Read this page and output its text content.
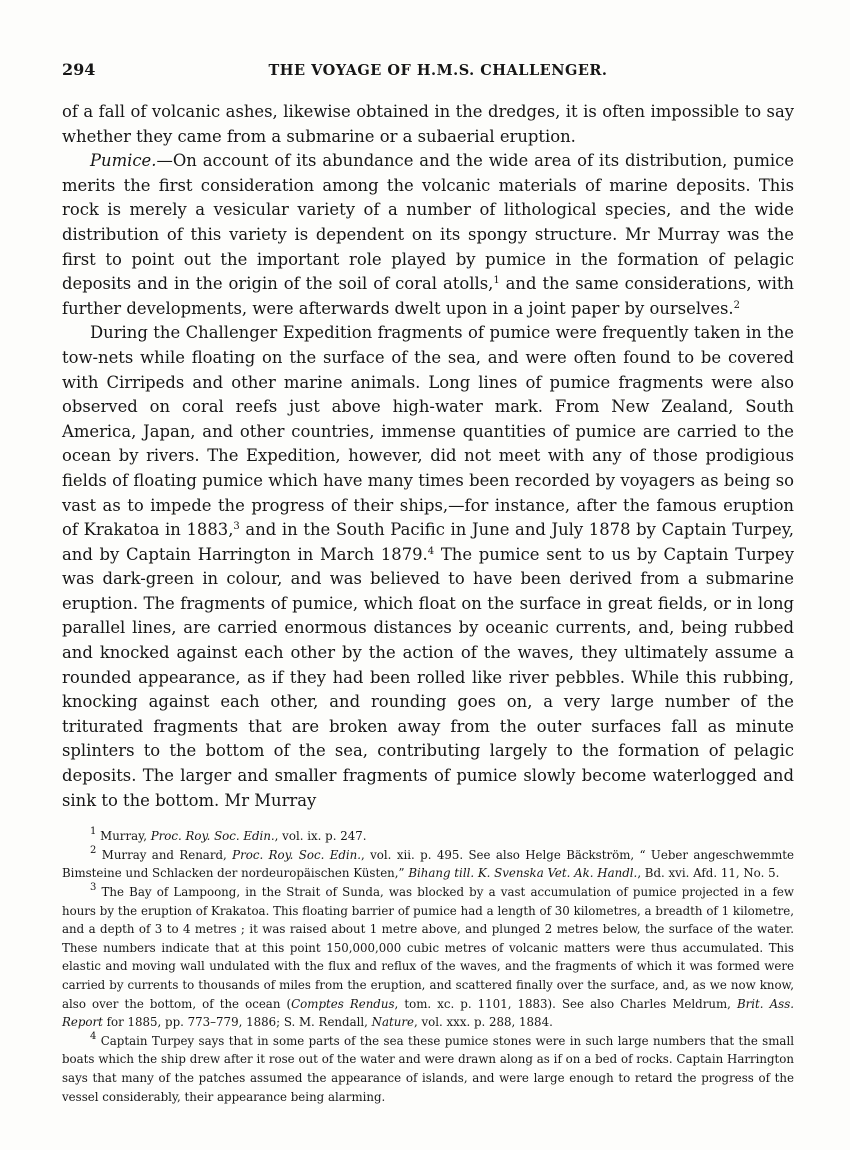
294	THE VOYAGE OF H.M.S. CHALLENGER.

of a fall of volcanic ashes, likewise obtained in the dredges, it is often impossible to say whether they came from a submarine or a subaerial eruption.

Pumice.—On account of its abundance and the wide area of its distribution, pumice merits the first consideration among the volcanic materials of marine deposits. This rock is merely a vesicular variety of a number of lithological species, and the wide distribution of this variety is dependent on its spongy structure. Mr Murray was the first to point out the important role played by pumice in the formation of pelagic deposits and in the origin of the soil of coral atolls,$^1$ and the same considerations, with further developments, were afterwards dwelt upon in a joint paper by ourselves.$^2$

During the Challenger Expedition fragments of pumice were frequently taken in the tow-nets while floating on the surface of the sea, and were often found to be covered with Cirripeds and other marine animals. Long lines of pumice fragments were also observed on coral reefs just above high-water mark. From New Zealand, South America, Japan, and other countries, immense quantities of pumice are carried to the ocean by rivers. The Expedition, however, did not meet with any of those prodigious fields of floating pumice which have many times been recorded by voyagers as being so vast as to impede the progress of their ships,—for instance, after the famous eruption of Krakatoa in 1883,$^3$ and in the South Pacific in June and July 1878 by Captain Turpey, and by Captain Harrington in March 1879.$^4$ The pumice sent to us by Captain Turpey was dark-green in colour, and was believed to have been derived from a submarine eruption. The fragments of pumice, which float on the surface in great fields, or in long parallel lines, are carried enormous distances by oceanic currents, and, being rubbed and knocked against each other by the action of the waves, they ultimately assume a rounded appearance, as if they had been rolled like river pebbles. While this rubbing, knocking against each other, and rounding goes on, a very large number of the triturated fragments that are broken away from the outer surfaces fall as minute splinters to the bottom of the sea, contributing largely to the formation of pelagic deposits. The larger and smaller fragments of pumice slowly become waterlogged and sink to the bottom. Mr Murray

$^1$ Murray, Proc. Roy. Soc. Edin., vol. ix. p. 247.

$^2$ Murray and Renard, Proc. Roy. Soc. Edin., vol. xii. p. 495. See also Helge Bäckström, “ Ueber angeschwemmte Bimsteine und Schlacken der nordeuropäischen Küsten,” Bihang till. K. Svenska Vet. Ak. Handl., Bd. xvi. Afd. 11, No. 5.

$^3$ The Bay of Lampoong, in the Strait of Sunda, was blocked by a vast accumulation of pumice projected in a few hours by the eruption of Krakatoa. This floating barrier of pumice had a length of 30 kilometres, a breadth of 1 kilometre, and a depth of 3 to 4 metres ; it was raised about 1 metre above, and plunged 2 metres below, the surface of the water. These numbers indicate that at this point 150,000,000 cubic metres of volcanic matters were thus accumulated. This elastic and moving wall undulated with the flux and reflux of the waves, and the fragments of which it was formed were carried by currents to thousands of miles from the eruption, and scattered finally over the surface, and, as we now know, also over the bottom, of the ocean (Comptes Rendus, tom. xc. p. 1101, 1883). See also Charles Meldrum, Brit. Ass. Report for 1885, pp. 773–779, 1886; S. M. Rendall, Nature, vol. xxx. p. 288, 1884.

$^4$ Captain Turpey says that in some parts of the sea these pumice stones were in such large numbers that the small boats which the ship drew after it rose out of the water and were drawn along as if on a bed of rocks. Captain Harrington says that many of the patches assumed the appearance of islands, and were large enough to retard the progress of the vessel considerably, their appearance being alarming.
